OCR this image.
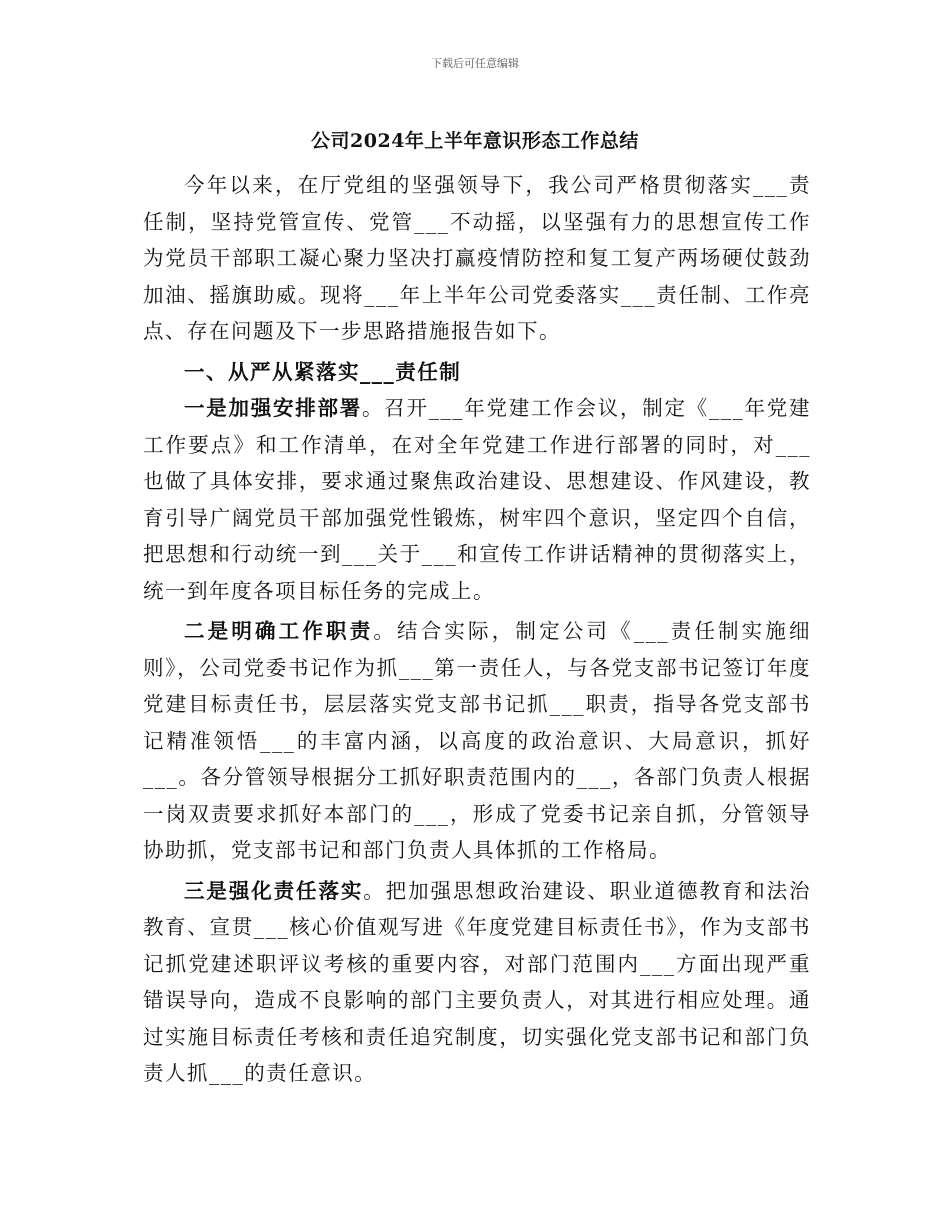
下载后可任意编辑
公司2024年上半年意识形态工作总结

今年以来，在厅党组的坚强领导下，我公司严格贯彻落实___责任制，坚持党管宣传、党管___不动摇，以坚强有力的思想宣传工作为党员干部职工凝心聚力坚决打赢疫情防控和复工复产两场硬仗鼓劲加油、摇旗助威。现将___年上半年公司党委落实___责任制、工作亮点、存在问题及下一步思路措施报告如下。

一、从严从紧落实___责任制

一是加强安排部署。召开___年党建工作会议，制定《___年党建工作要点》和工作清单，在对全年党建工作进行部署的同时，对___也做了具体安排，要求通过聚焦政治建设、思想建设、作风建设，教育引导广阔党员干部加强党性锻炼，树牢四个意识，坚定四个自信，把思想和行动统一到___关于___和宣传工作讲话精神的贯彻落实上，统一到年度各项目标任务的完成上。

二是明确工作职责。结合实际，制定公司《___责任制实施细则》，公司党委书记作为抓___第一责任人，与各党支部书记签订年度党建目标责任书，层层落实党支部书记抓___职责，指导各党支部书记精准领悟___的丰富内涵，以高度的政治意识、大局意识，抓好___。各分管领导根据分工抓好职责范围内的___，各部门负责人根据一岗双责要求抓好本部门的___，形成了党委书记亲自抓，分管领导协助抓，党支部书记和部门负责人具体抓的工作格局。

三是强化责任落实。把加强思想政治建设、职业道德教育和法治教育、宣贯___核心价值观写进《年度党建目标责任书》，作为支部书记抓党建述职评议考核的重要内容，对部门范围内___方面出现严重错误导向，造成不良影响的部门主要负责人，对其进行相应处理。通过实施目标责任考核和责任追究制度，切实强化党支部书记和部门负责人抓___的责任意识。
